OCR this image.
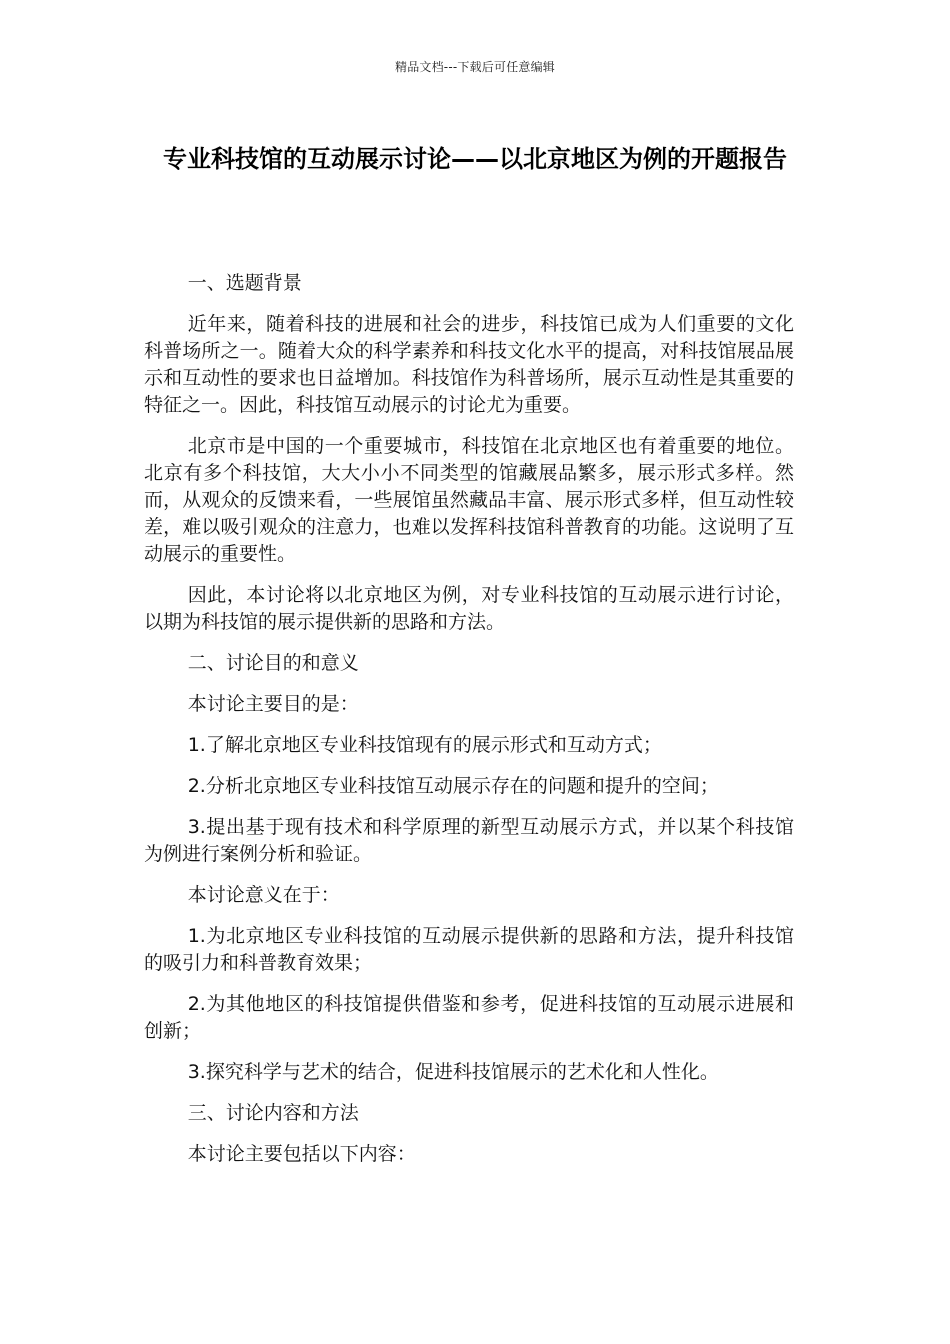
精品文档---下载后可任意编辑
专业科技馆的互动展示讨论——以北京地区为例的开题报告

一、选题背景

近年来，随着科技的进展和社会的进步，科技馆已成为人们重要的文化科普场所之一。随着大众的科学素养和科技文化水平的提高，对科技馆展品展示和互动性的要求也日益增加。科技馆作为科普场所，展示互动性是其重要的特征之一。因此，科技馆互动展示的讨论尤为重要。

北京市是中国的一个重要城市，科技馆在北京地区也有着重要的地位。北京有多个科技馆，大大小小不同类型的馆藏展品繁多，展示形式多样。然而，从观众的反馈来看，一些展馆虽然藏品丰富、展示形式多样，但互动性较差，难以吸引观众的注意力，也难以发挥科技馆科普教育的功能。这说明了互动展示的重要性。

因此，本讨论将以北京地区为例，对专业科技馆的互动展示进行讨论，以期为科技馆的展示提供新的思路和方法。

二、讨论目的和意义

本讨论主要目的是：

1.了解北京地区专业科技馆现有的展示形式和互动方式；

2.分析北京地区专业科技馆互动展示存在的问题和提升的空间；

3.提出基于现有技术和科学原理的新型互动展示方式，并以某个科技馆为例进行案例分析和验证。

本讨论意义在于：

1.为北京地区专业科技馆的互动展示提供新的思路和方法，提升科技馆的吸引力和科普教育效果；

2.为其他地区的科技馆提供借鉴和参考，促进科技馆的互动展示进展和创新；

3.探究科学与艺术的结合，促进科技馆展示的艺术化和人性化。

三、讨论内容和方法

本讨论主要包括以下内容：
